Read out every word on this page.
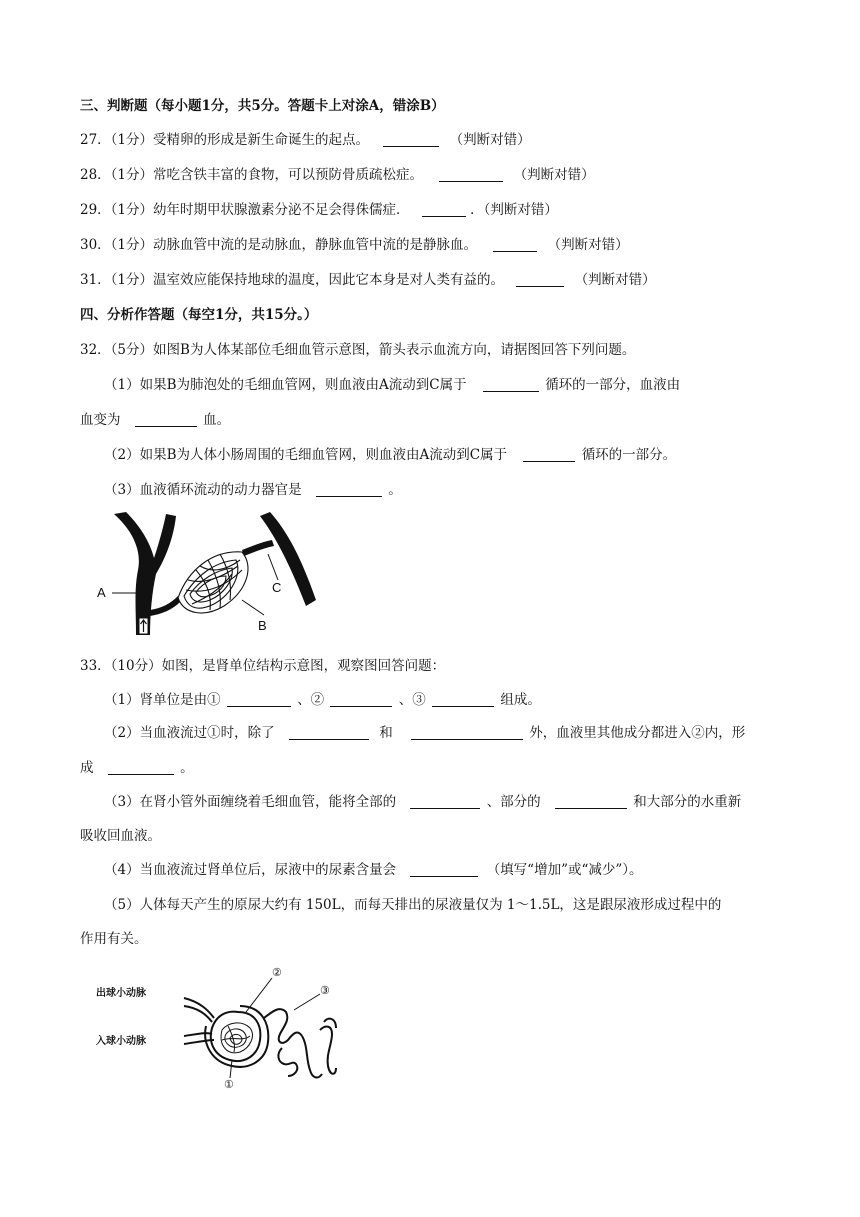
三、判断题（每小题1分，共5分。答题卡上对涂A，错涂B）
27．（1分）受精卵的形成是新生命诞生的起点。	（判断对错）
28．（1分）常吃含铁丰富的食物，可以预防骨质疏松症。	（判断对错）
29．（1分）幼年时期甲状腺激素分泌不足会得侏儒症．	．（判断对错）
30．（1分）动脉血管中流的是动脉血，静脉血管中流的是静脉血。	（判断对错）
31．（1分）温室效应能保持地球的温度，因此它本身是对人类有益的。	（判断对错）
四、分析作答题（每空1分，共15分。）
32．（5分）如图B为人体某部位毛细血管示意图，箭头表示血流方向，请据图回答下列问题。
（1）如果B为肺泡处的毛细血管网，则血液由A流动到C属于	循环的一部分，血液由
血变为	血。
（2）如果B为人体小肠周围的毛细血管网，则血液由A流动到C属于	循环的一部分。
（3）血液循环流动的动力器官是	。
A
B
C
33．（10分）如图，是肾单位结构示意图，观察图回答问题：
（1）肾单位是由①	、②	、③	组成。
（2）当血液流过①时，除了	和	外，血液里其他成分都进入②内，形
成	。
（3）在肾小管外面缠绕着毛细血管，能将全部的	、部分的	和大部分的水重新
吸收回血液。
（4）当血液流过肾单位后，尿液中的尿素含量会	（填写“增加”或“减少”）。
（5）人体每天产生的原尿大约有 150L，而每天排出的尿液量仅为 1～1.5L，这是跟尿液形成过程中的
作用有关。
出球小动脉
入球小动脉
②
③
①
